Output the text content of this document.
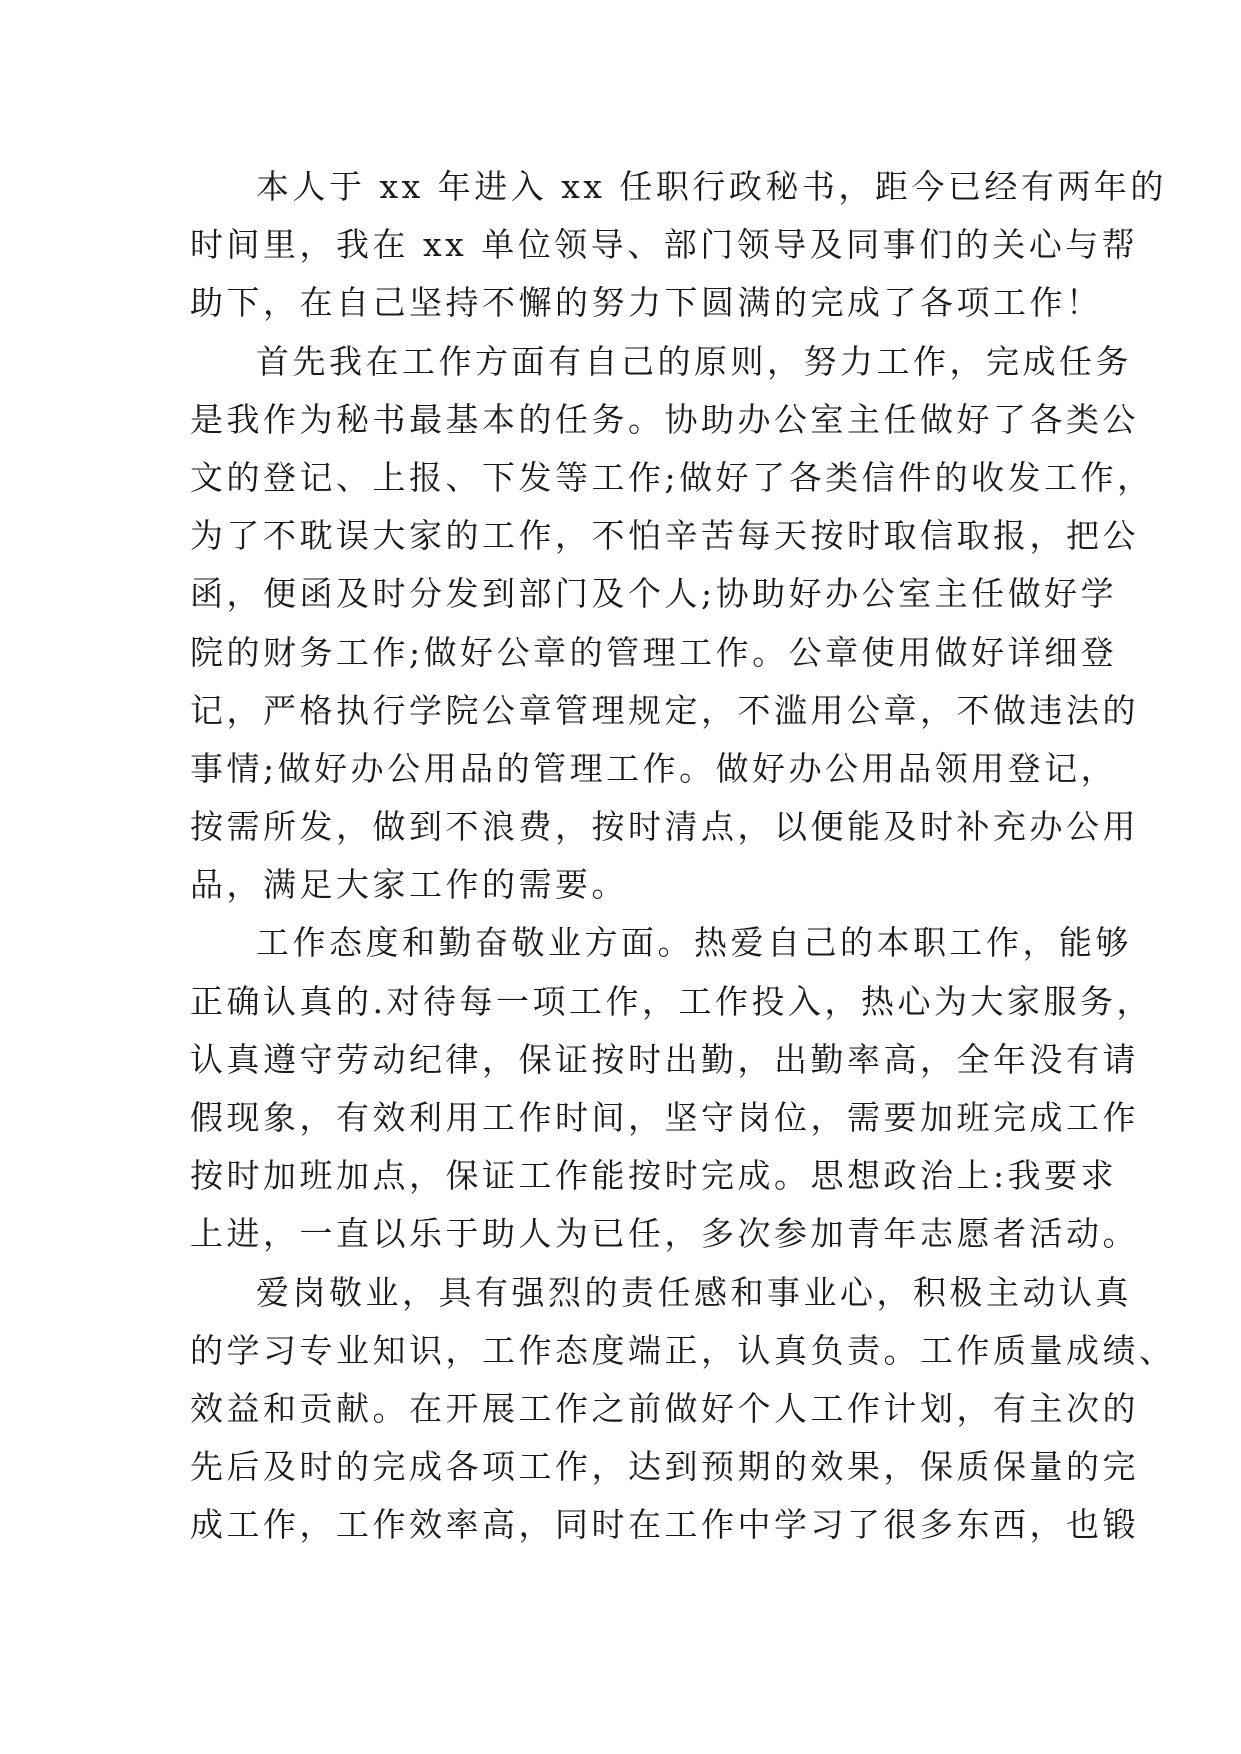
本人于 xx 年进入 xx 任职行政秘书，距今已经有两年的
时间里，我在 xx 单位领导、部门领导及同事们的关心与帮
助下，在自己坚持不懈的努力下圆满的完成了各项工作！
首先我在工作方面有自己的原则，努力工作，完成任务
是我作为秘书最基本的任务。协助办公室主任做好了各类公
文的登记、上报、下发等工作;做好了各类信件的收发工作，
为了不耽误大家的工作，不怕辛苦每天按时取信取报，把公
函，便函及时分发到部门及个人;协助好办公室主任做好学
院的财务工作;做好公章的管理工作。公章使用做好详细登
记，严格执行学院公章管理规定，不滥用公章，不做违法的
事情;做好办公用品的管理工作。做好办公用品领用登记，
按需所发，做到不浪费，按时清点，以便能及时补充办公用
品，满足大家工作的需要。
工作态度和勤奋敬业方面。热爱自己的本职工作，能够
正确认真的.对待每一项工作，工作投入，热心为大家服务，
认真遵守劳动纪律，保证按时出勤，出勤率高，全年没有请
假现象，有效利用工作时间，坚守岗位，需要加班完成工作
按时加班加点，保证工作能按时完成。思想政治上:我要求
上进，一直以乐于助人为已任，多次参加青年志愿者活动。
爱岗敬业，具有强烈的责任感和事业心，积极主动认真
的学习专业知识，工作态度端正，认真负责。工作质量成绩、
效益和贡献。在开展工作之前做好个人工作计划，有主次的
先后及时的完成各项工作，达到预期的效果，保质保量的完
成工作，工作效率高，同时在工作中学习了很多东西，也锻
